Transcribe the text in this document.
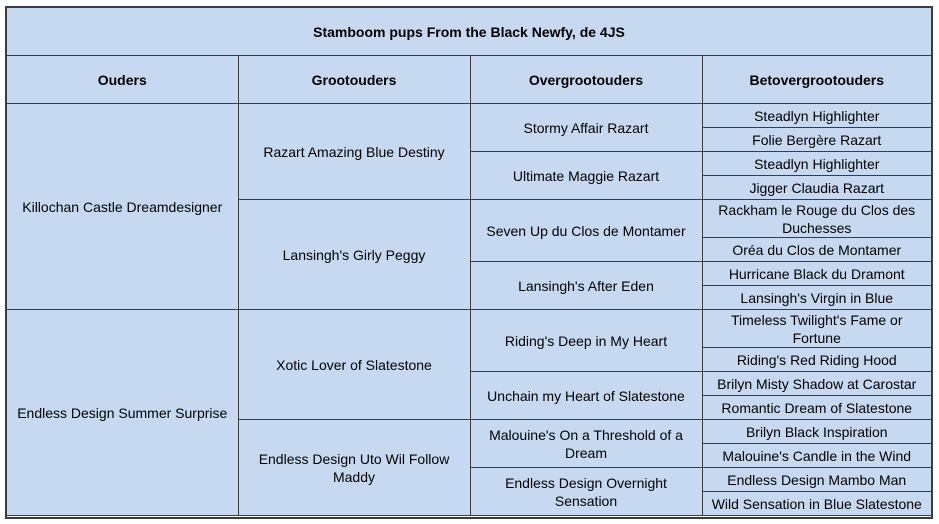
Stamboom pups From the Black Newfy, de 4JS
Ouders	Grootouders	Overgrootouders	Betovergrootouders
Killochan Castle Dreamdesigner	Razart Amazing Blue Destiny	Stormy Affair Razart	Steadlyn Highlighter
			Folie Bergère Razart
		Ultimate Maggie Razart	Steadlyn Highlighter
			Jigger Claudia Razart
	Lansingh's Girly Peggy	Seven Up du Clos de Montamer	Rackham le Rouge du Clos des Duchesses
			Oréa du Clos de Montamer
		Lansingh's After Eden	Hurricane Black du Dramont
			Lansingh's Virgin in Blue
Endless Design Summer Surprise	Xotic Lover of Slatestone	Riding's Deep in My Heart	Timeless Twilight's Fame or Fortune
			Riding's Red Riding Hood
		Unchain my Heart of Slatestone	Brilyn Misty Shadow at Carostar
			Romantic Dream of Slatestone
	Endless Design Uto Wil Follow Maddy	Malouine's On a Threshold of a Dream	Brilyn Black Inspiration
			Malouine's Candle in the Wind
		Endless Design Overnight Sensation	Endless Design Mambo Man
			Wild Sensation in Blue Slatestone
